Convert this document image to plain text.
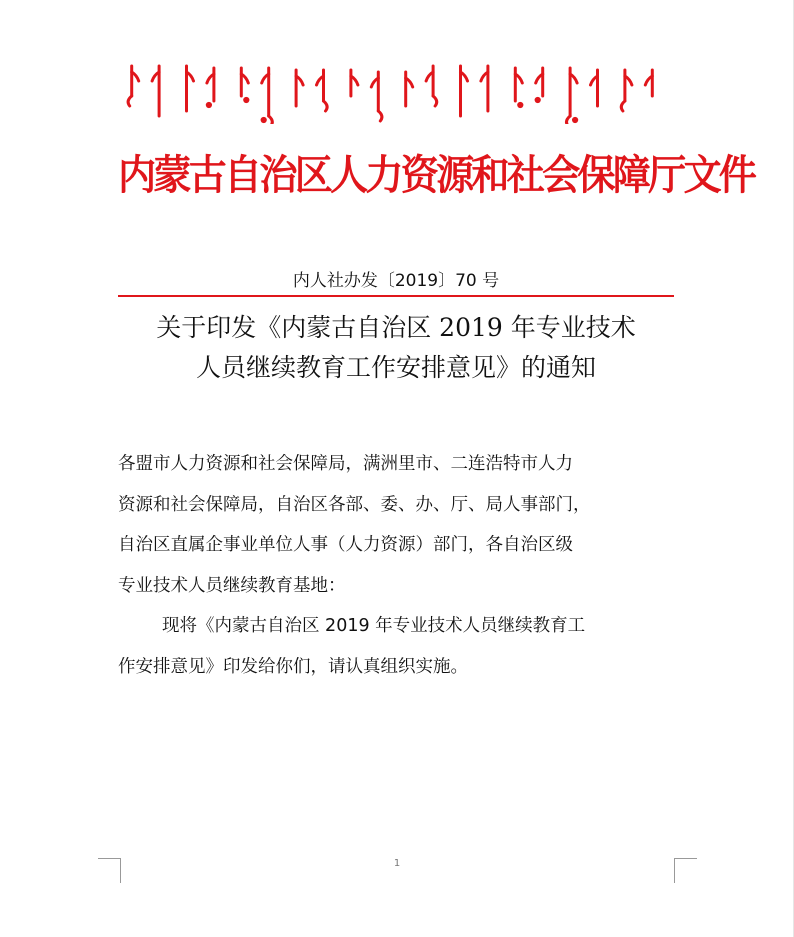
内蒙古自治区人力资源和社会保障厅文件
内人社办发〔2019〕70 号
关于印发《内蒙古自治区 2019 年专业技术
人员继续教育工作安排意见》的通知

各盟市人力资源和社会保障局，满洲里市、二连浩特市人力
资源和社会保障局，自治区各部、委、办、厅、局人事部门，
自治区直属企事业单位人事（人力资源）部门，各自治区级
专业技术人员继续教育基地：

现将《内蒙古自治区 2019 年专业技术人员继续教育工
作安排意见》印发给你们，请认真组织实施。

1
